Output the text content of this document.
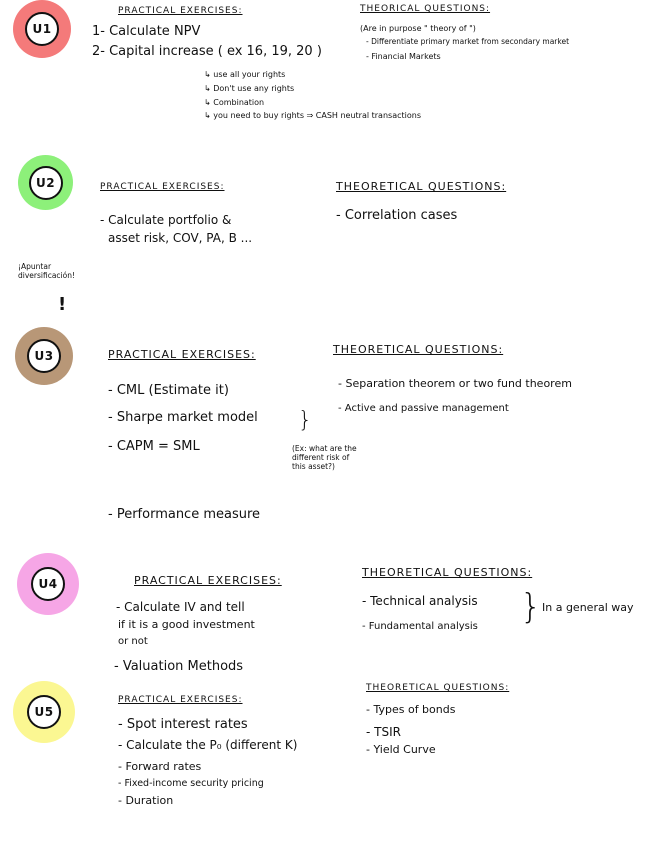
U1
PRACTICAL EXERCISES:
1- Calculate NPV
2- Capital increase ( ex 16, 19, 20 )
↳ use all your rights
↳ Don't use any rights
↳ Combination
↳ you need to buy rights ⇒ CASH neutral transactions
THEORICAL QUESTIONS:
(Are in purpose " theory of ")
- Differentiate primary market from secondary market
- Financial Markets
U2	PRACTICAL EXERCISES:
- Calculate portfolio &
asset risk, COV, PA, B ...
THEORETICAL QUESTIONS:
- Correlation cases
¡Apuntar diversificación!
!
U3	PRACTICAL EXERCISES:
- CML (Estimate it)
- Sharpe market model
- CAPM = SML
- Performance measure
}
(Ex: what are the different risk of this asset?)
THEORETICAL QUESTIONS:
- Separation theorem or two fund theorem
- Active and passive management
U4	PRACTICAL EXERCISES:
- Calculate IV and tell
if it is a good investment
or not
- Valuation Methods
THEORETICAL QUESTIONS:
- Technical analysis
- Fundamental analysis } In a general way
U5
PRACTICAL EXERCISES:
- Spot interest rates
- Calculate the P₀ (different K)
- Forward rates
- Fixed-income security pricing
- Duration
THEORETICAL QUESTIONS:
- Types of bonds
- TSIR
- Yield Curve
